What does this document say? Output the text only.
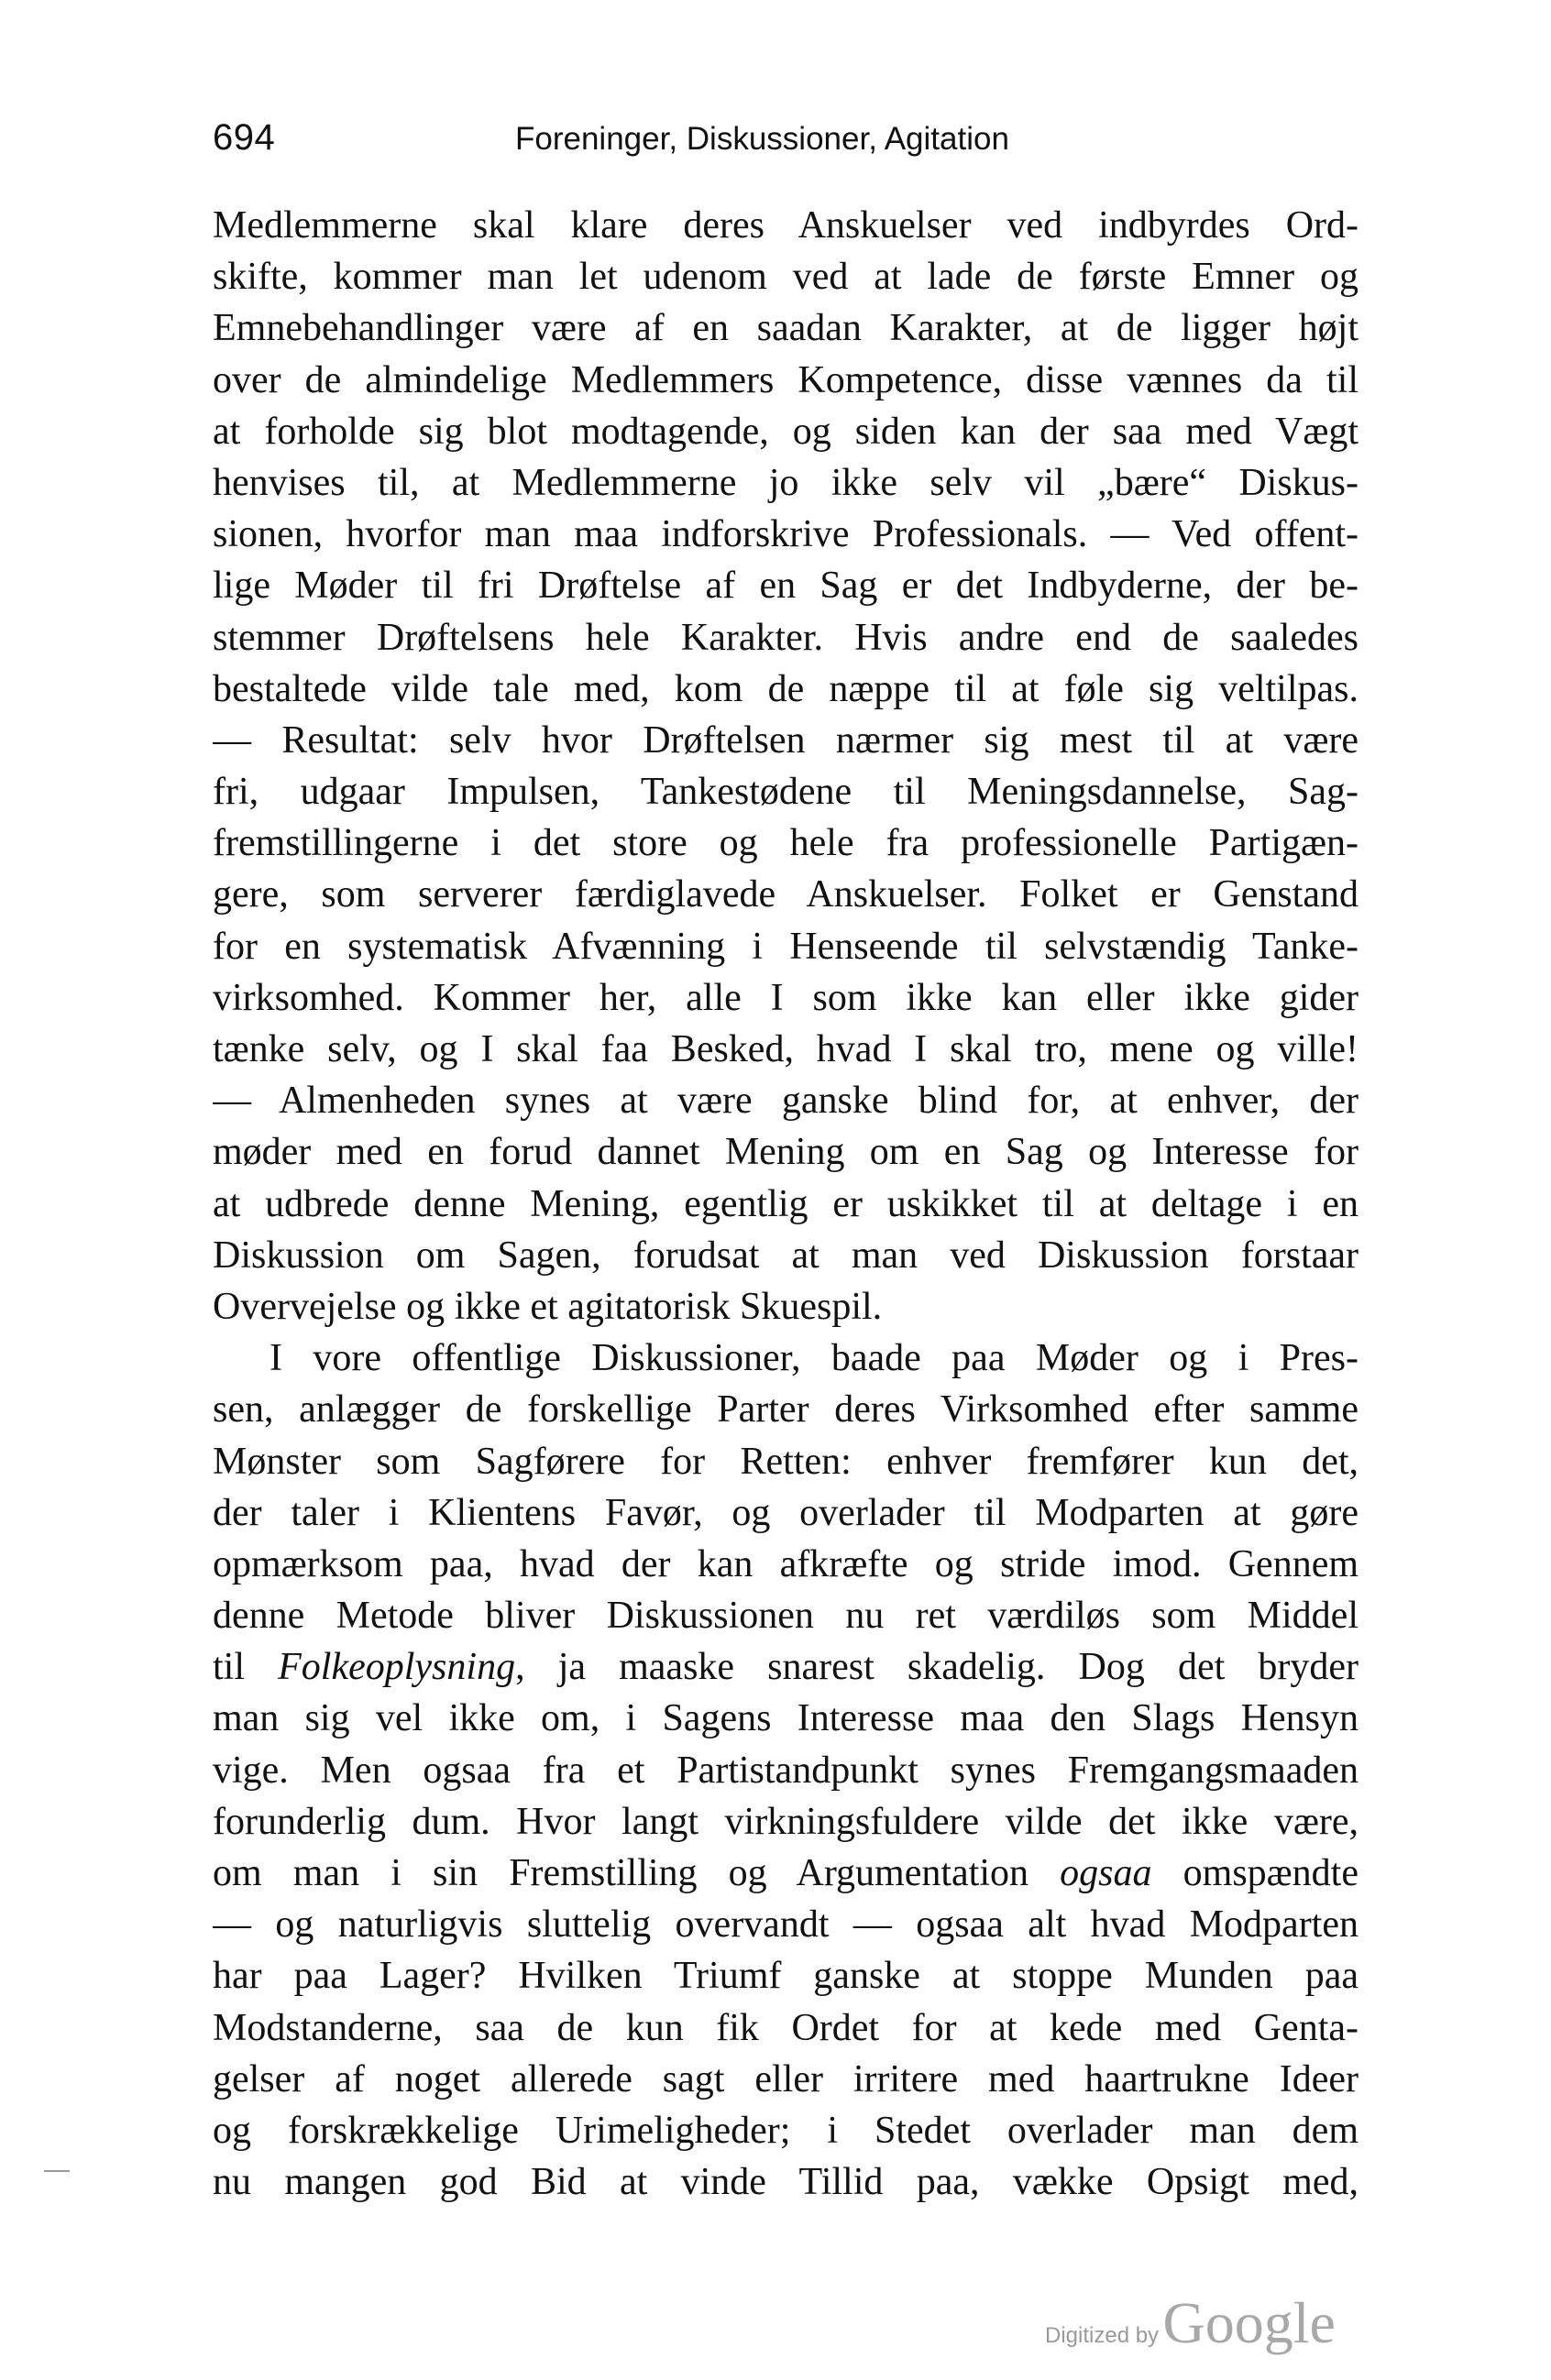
694	Foreninger, Diskussioner, Agitation
Medlemmerne skal klare deres Anskuelser ved indbyrdes Ord-
skifte, kommer man let udenom ved at lade de første Emner og
Emnebehandlinger være af en saadan Karakter, at de ligger højt
over de almindelige Medlemmers Kompetence, disse vænnes da til
at forholde sig blot modtagende, og siden kan der saa med Vægt
henvises til, at Medlemmerne jo ikke selv vil „bære“ Diskus-
sionen, hvorfor man maa indforskrive Professionals. — Ved offent-
lige Møder til fri Drøftelse af en Sag er det Indbyderne, der be-
stemmer Drøftelsens hele Karakter. Hvis andre end de saaledes
bestaltede vilde tale med, kom de næppe til at føle sig veltilpas.
— Resultat: selv hvor Drøftelsen nærmer sig mest til at være
fri, udgaar Impulsen, Tankestødene til Meningsdannelse, Sag-
fremstillingerne i det store og hele fra professionelle Partigæn-
gere, som serverer færdiglavede Anskuelser. Folket er Genstand
for en systematisk Afvænning i Henseende til selvstændig Tanke-
virksomhed. Kommer her, alle I som ikke kan eller ikke gider
tænke selv, og I skal faa Besked, hvad I skal tro, mene og ville!
— Almenheden synes at være ganske blind for, at enhver, der
møder med en forud dannet Mening om en Sag og Interesse for
at udbrede denne Mening, egentlig er uskikket til at deltage i en
Diskussion om Sagen, forudsat at man ved Diskussion forstaar
Overvejelse og ikke et agitatorisk Skuespil.
I vore offentlige Diskussioner, baade paa Møder og i Pres-
sen, anlægger de forskellige Parter deres Virksomhed efter samme
Mønster som Sagførere for Retten: enhver fremfører kun det,
der taler i Klientens Favør, og overlader til Modparten at gøre
opmærksom paa, hvad der kan afkræfte og stride imod. Gennem
denne Metode bliver Diskussionen nu ret værdiløs som Middel
til Folkeoplysning, ja maaske snarest skadelig. Dog det bryder
man sig vel ikke om, i Sagens Interesse maa den Slags Hensyn
vige. Men ogsaa fra et Partistandpunkt synes Fremgangsmaaden
forunderlig dum. Hvor langt virkningsfuldere vilde det ikke være,
om man i sin Fremstilling og Argumentation ogsaa omspændte
— og naturligvis sluttelig overvandt — ogsaa alt hvad Modparten
har paa Lager? Hvilken Triumf ganske at stoppe Munden paa
Modstanderne, saa de kun fik Ordet for at kede med Genta-
gelser af noget allerede sagt eller irritere med haartrukne Ideer
og forskrækkelige Urimeligheder; i Stedet overlader man dem
nu mangen god Bid at vinde Tillid paa, vække Opsigt med,
Digitized by Google
